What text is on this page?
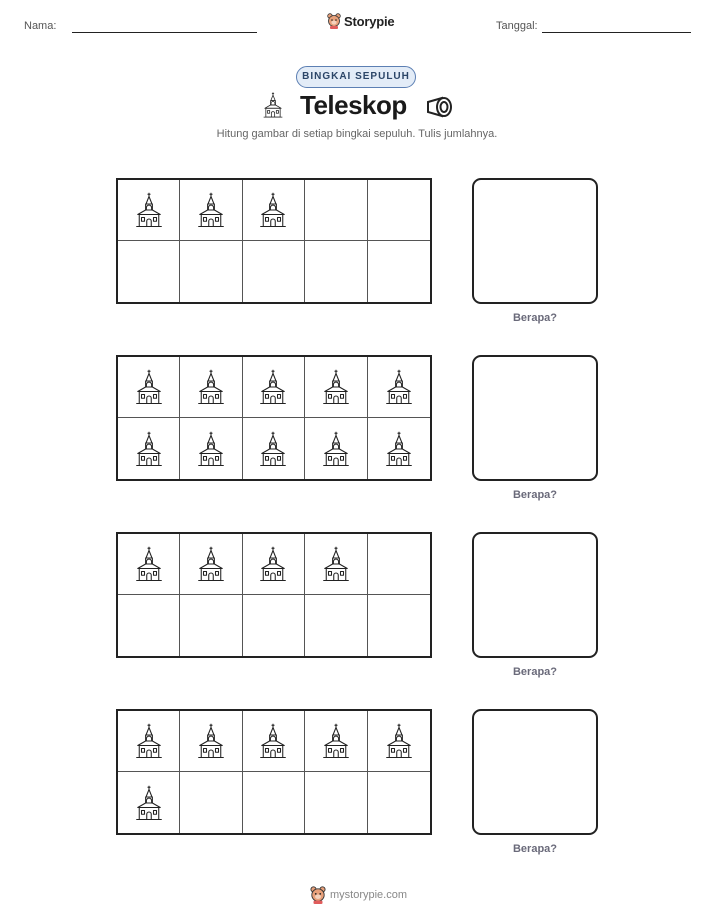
Nama:	Storypie	Tanggal:
BINGKAI SEPULUH
Teleskop
Hitung gambar di setiap bingkai sepuluh. Tulis jumlahnya.
Berapa?
Berapa?
Berapa?
Berapa?
mystorypie.com
